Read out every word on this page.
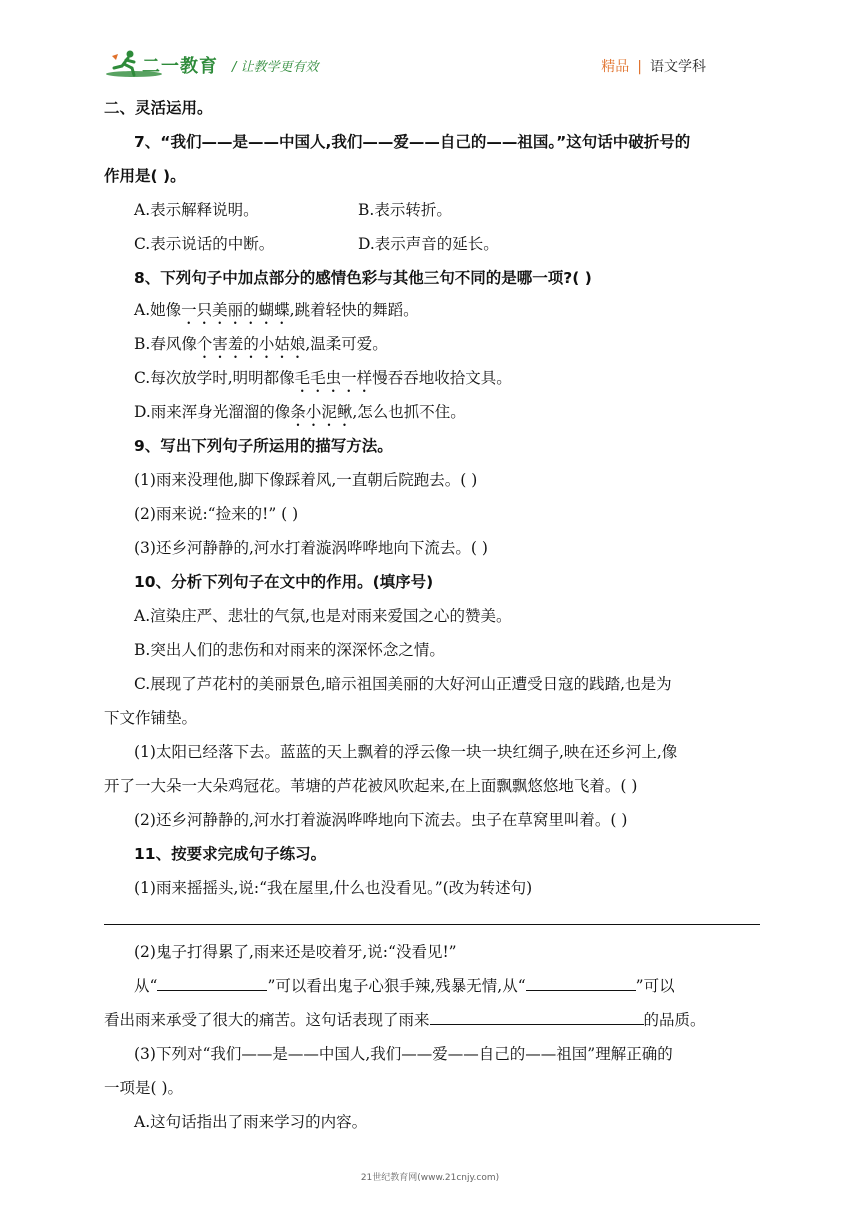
二一教育 / 让教学更有效	精品 | 语文学科
二、灵活运用。
7、“我们——是——中国人,我们——爱——自己的——祖国。”这句话中破折号的
作用是( )。
A.表示解释说明。	B.表示转折。
C.表示说话的中断。	D.表示声音的延长。
8、下列句子中加点部分的感情色彩与其他三句不同的是哪一项?( )
A.她像一只美丽的蝴蝶,跳着轻快的舞蹈。
B.春风像个害羞的小姑娘,温柔可爱。
C.每次放学时,明明都像毛毛虫一样慢吞吞地收拾文具。
D.雨来浑身光溜溜的像条小泥鳅,怎么也抓不住。
9、写出下列句子所运用的描写方法。
(1)雨来没理他,脚下像踩着风,一直朝后院跑去。( )
(2)雨来说:“捡来的!” ( )
(3)还乡河静静的,河水打着漩涡哗哗地向下流去。( )
10、分析下列句子在文中的作用。(填序号)
A.渲染庄严、悲壮的气氛,也是对雨来爱国之心的赞美。
B.突出人们的悲伤和对雨来的深深怀念之情。
C.展现了芦花村的美丽景色,暗示祖国美丽的大好河山正遭受日寇的践踏,也是为
下文作铺垫。
(1)太阳已经落下去。蓝蓝的天上飘着的浮云像一块一块红绸子,映在还乡河上,像
开了一大朵一大朵鸡冠花。苇塘的芦花被风吹起来,在上面飘飘悠悠地飞着。( )
(2)还乡河静静的,河水打着漩涡哗哗地向下流去。虫子在草窝里叫着。( )
11、按要求完成句子练习。
(1)雨来摇摇头,说:“我在屋里,什么也没看见。”(改为转述句)
(2)鬼子打得累了,雨来还是咬着牙,说:“没看见!”
从“	”可以看出鬼子心狠手辣,残暴无情,从“	”可以
看出雨来承受了很大的痛苦。这句话表现了雨来	的品质。
(3)下列对“我们——是——中国人,我们——爱——自己的——祖国”理解正确的
一项是( )。
A.这句话指出了雨来学习的内容。
21世纪教育网(www.21cnjy.com)
